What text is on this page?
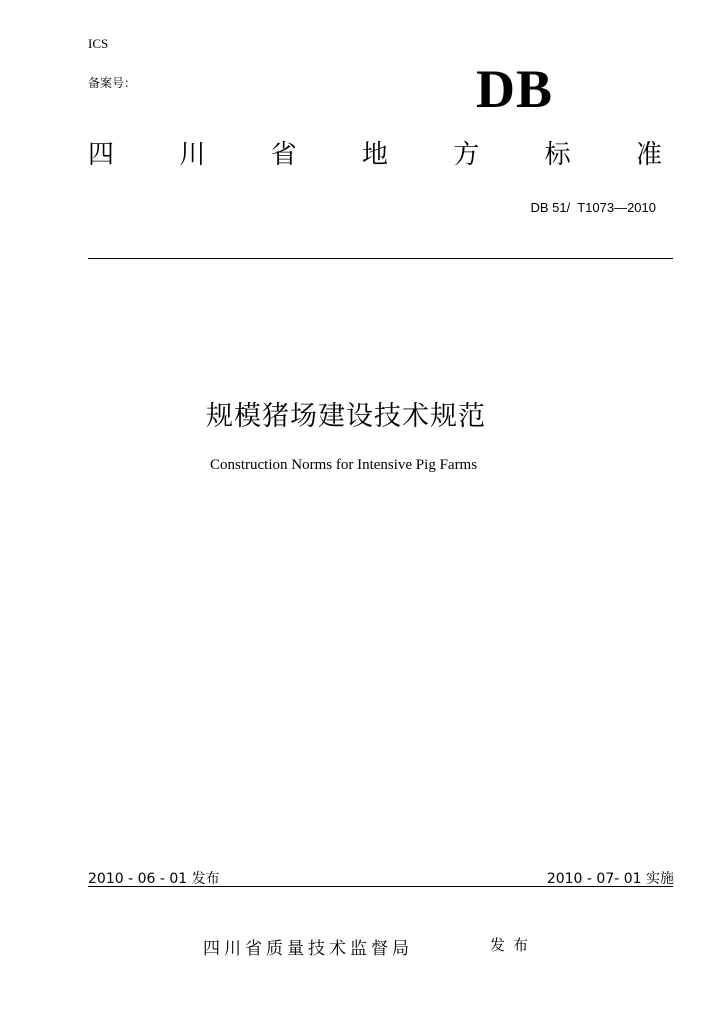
ICS
备案号：	DB
四	川	省	地	方	标	准
DB 51/  T1073—2010
规模猪场建设技术规范
Construction Norms for Intensive Pig Farms
2010 - 06 - 01 发布	2010 - 07- 01 实施
四川省质量技术监督局	发布
